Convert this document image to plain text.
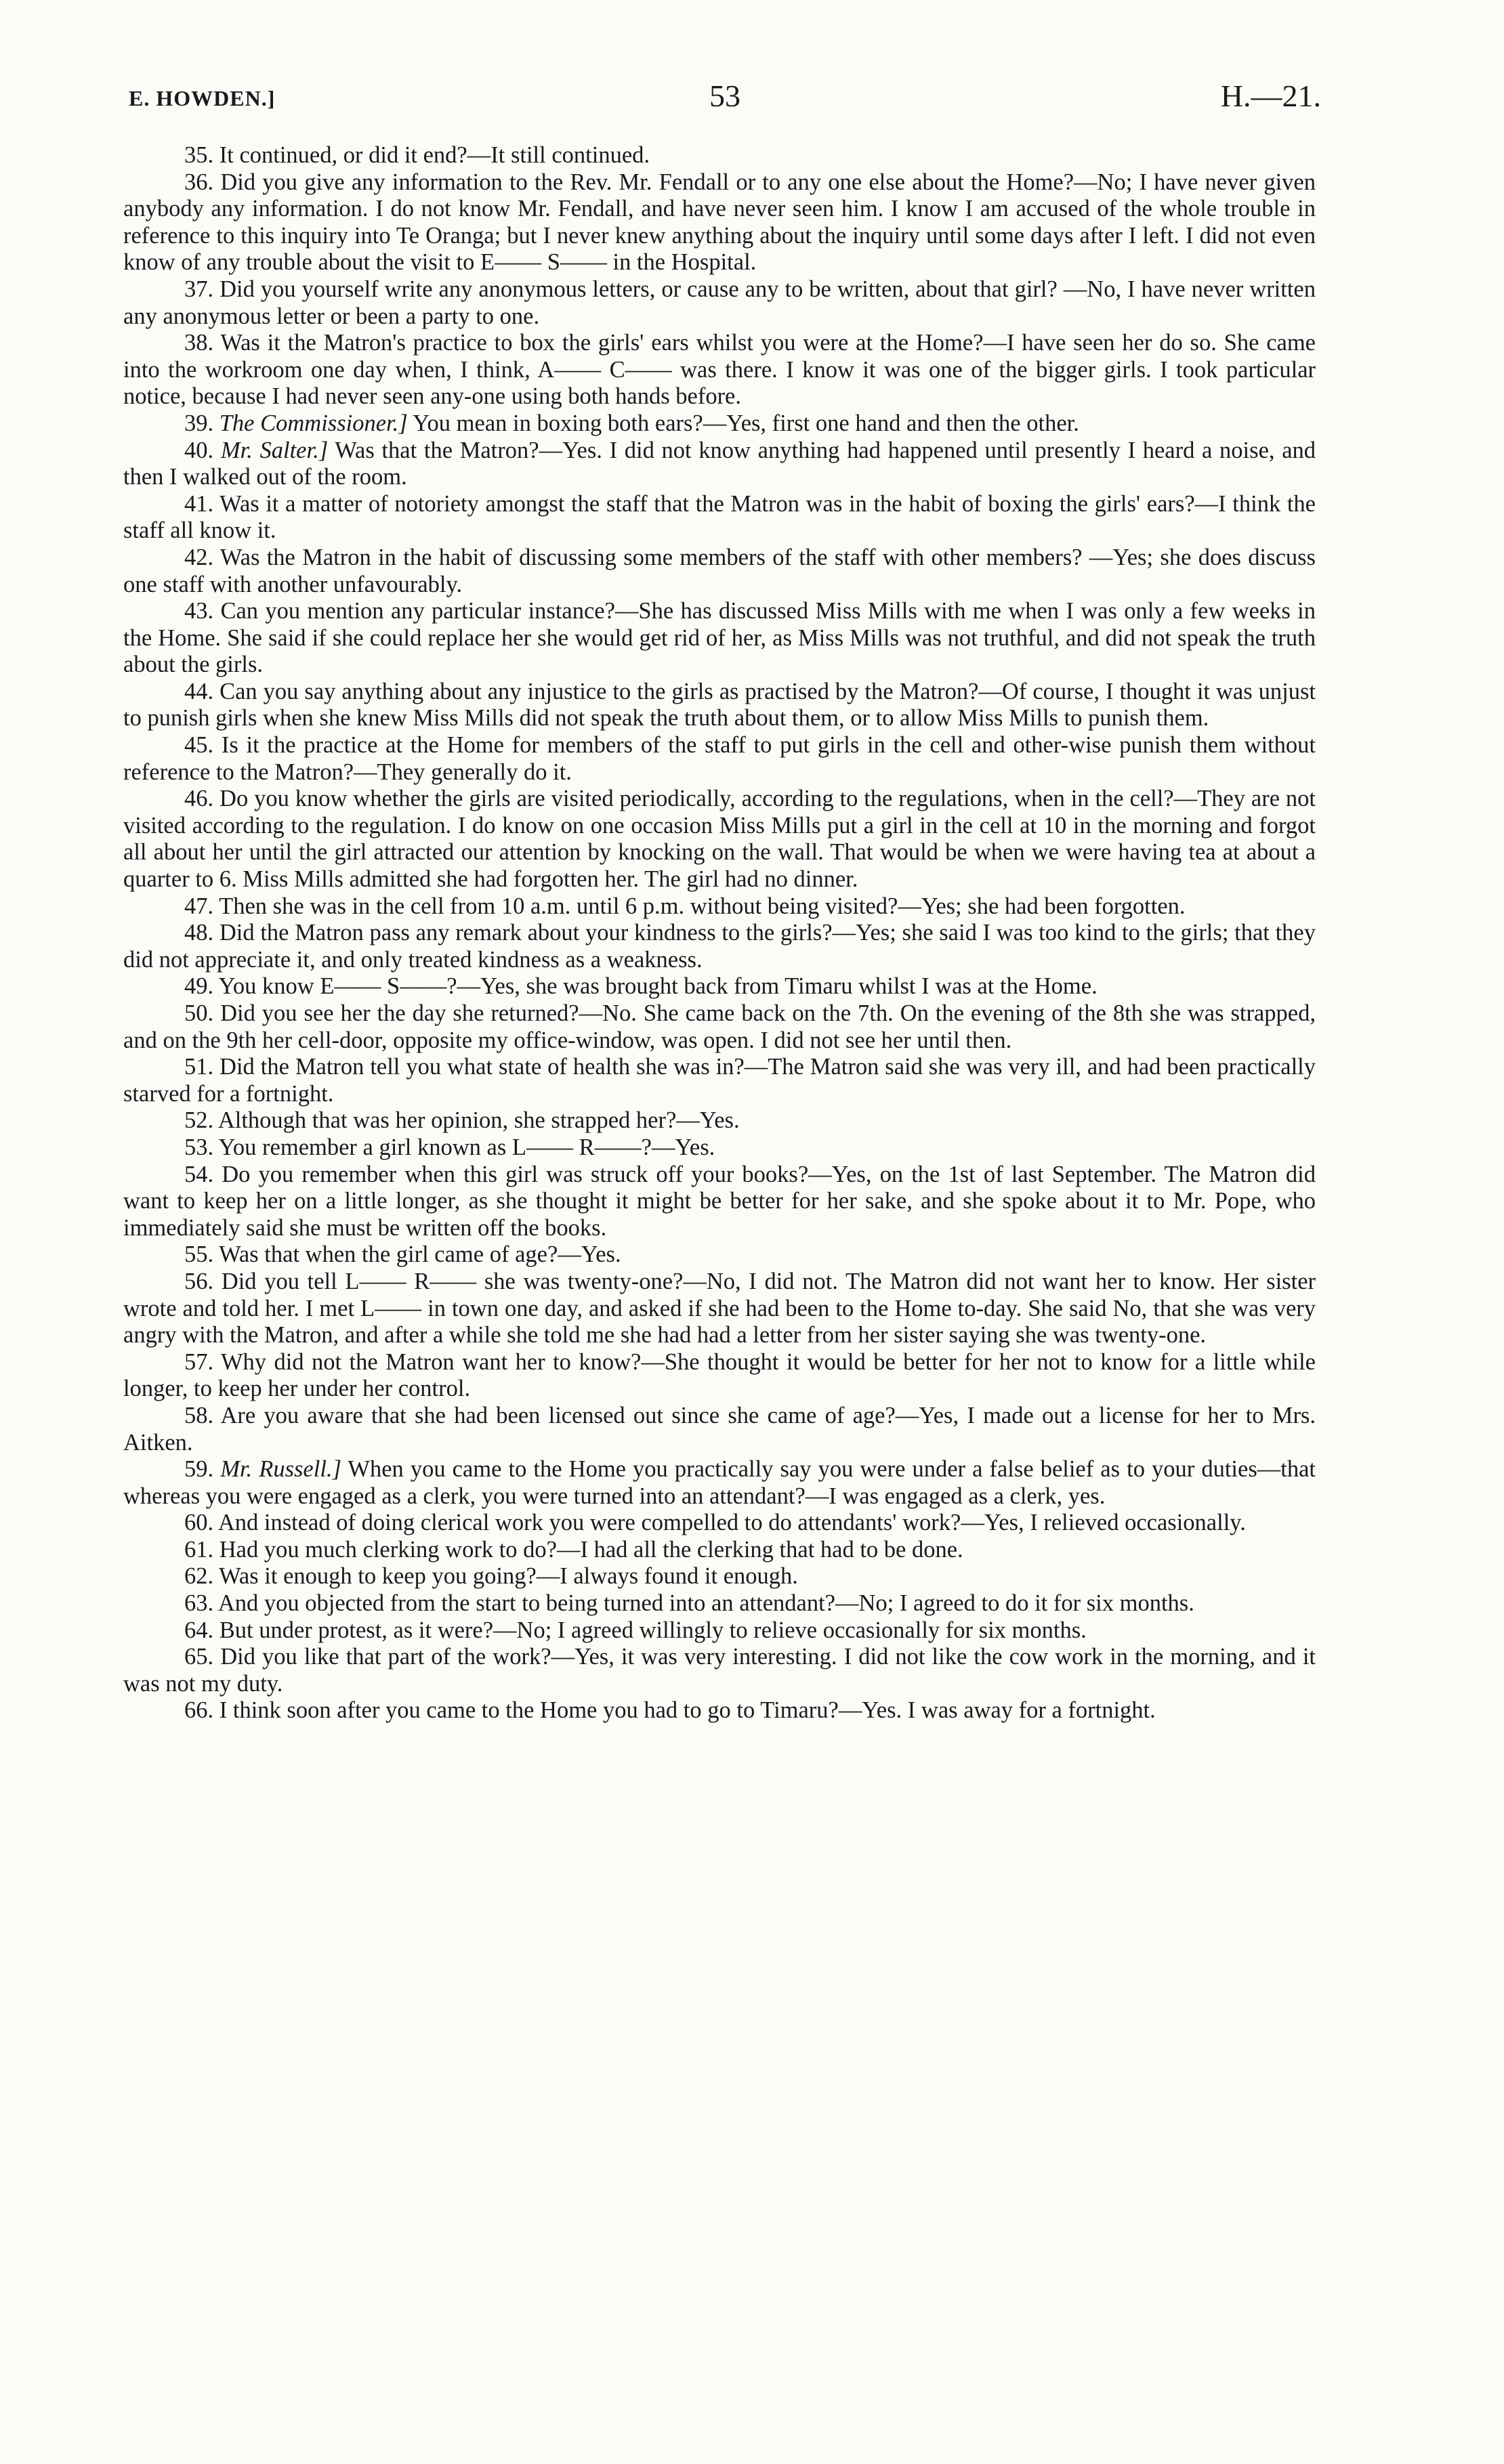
E. HOWDEN.]	53	H.—21.

35. It continued, or did it end?—It still continued.

36. Did you give any information to the Rev. Mr. Fendall or to any one else about the Home?—No; I have never given anybody any information. I do not know Mr. Fendall, and have never seen him. I know I am accused of the whole trouble in reference to this inquiry into Te Oranga; but I never knew anything about the inquiry until some days after I left. I did not even know of any trouble about the visit to E—— S—— in the Hospital.

37. Did you yourself write any anonymous letters, or cause any to be written, about that girl? —No, I have never written any anonymous letter or been a party to one.

38. Was it the Matron's practice to box the girls' ears whilst you were at the Home?—I have seen her do so. She came into the workroom one day when, I think, A—— C—— was there. I know it was one of the bigger girls. I took particular notice, because I had never seen any-one using both hands before.

39. The Commissioner.] You mean in boxing both ears?—Yes, first one hand and then the other.

40. Mr. Salter.] Was that the Matron?—Yes. I did not know anything had happened until presently I heard a noise, and then I walked out of the room.

41. Was it a matter of notoriety amongst the staff that the Matron was in the habit of boxing the girls' ears?—I think the staff all know it.

42. Was the Matron in the habit of discussing some members of the staff with other members? —Yes; she does discuss one staff with another unfavourably.

43. Can you mention any particular instance?—She has discussed Miss Mills with me when I was only a few weeks in the Home. She said if she could replace her she would get rid of her, as Miss Mills was not truthful, and did not speak the truth about the girls.

44. Can you say anything about any injustice to the girls as practised by the Matron?—Of course, I thought it was unjust to punish girls when she knew Miss Mills did not speak the truth about them, or to allow Miss Mills to punish them.

45. Is it the practice at the Home for members of the staff to put girls in the cell and other-wise punish them without reference to the Matron?—They generally do it.

46. Do you know whether the girls are visited periodically, according to the regulations, when in the cell?—They are not visited according to the regulation. I do know on one occasion Miss Mills put a girl in the cell at 10 in the morning and forgot all about her until the girl attracted our attention by knocking on the wall. That would be when we were having tea at about a quarter to 6. Miss Mills admitted she had forgotten her. The girl had no dinner.

47. Then she was in the cell from 10 a.m. until 6 p.m. without being visited?—Yes; she had been forgotten.

48. Did the Matron pass any remark about your kindness to the girls?—Yes; she said I was too kind to the girls; that they did not appreciate it, and only treated kindness as a weakness.

49. You know E—— S——?—Yes, she was brought back from Timaru whilst I was at the Home.

50. Did you see her the day she returned?—No. She came back on the 7th. On the evening of the 8th she was strapped, and on the 9th her cell-door, opposite my office-window, was open. I did not see her until then.

51. Did the Matron tell you what state of health she was in?—The Matron said she was very ill, and had been practically starved for a fortnight.

52. Although that was her opinion, she strapped her?—Yes.

53. You remember a girl known as L—— R——?—Yes.

54. Do you remember when this girl was struck off your books?—Yes, on the 1st of last September. The Matron did want to keep her on a little longer, as she thought it might be better for her sake, and she spoke about it to Mr. Pope, who immediately said she must be written off the books.

55. Was that when the girl came of age?—Yes.

56. Did you tell L—— R—— she was twenty-one?—No, I did not. The Matron did not want her to know. Her sister wrote and told her. I met L—— in town one day, and asked if she had been to the Home to-day. She said No, that she was very angry with the Matron, and after a while she told me she had had a letter from her sister saying she was twenty-one.

57. Why did not the Matron want her to know?—She thought it would be better for her not to know for a little while longer, to keep her under her control.

58. Are you aware that she had been licensed out since she came of age?—Yes, I made out a license for her to Mrs. Aitken.

59. Mr. Russell.] When you came to the Home you practically say you were under a false belief as to your duties—that whereas you were engaged as a clerk, you were turned into an attendant?—I was engaged as a clerk, yes.

60. And instead of doing clerical work you were compelled to do attendants' work?—Yes, I relieved occasionally.

61. Had you much clerking work to do?—I had all the clerking that had to be done.

62. Was it enough to keep you going?—I always found it enough.

63. And you objected from the start to being turned into an attendant?—No; I agreed to do it for six months.

64. But under protest, as it were?—No; I agreed willingly to relieve occasionally for six months.

65. Did you like that part of the work?—Yes, it was very interesting. I did not like the cow work in the morning, and it was not my duty.

66. I think soon after you came to the Home you had to go to Timaru?—Yes. I was away for a fortnight.
